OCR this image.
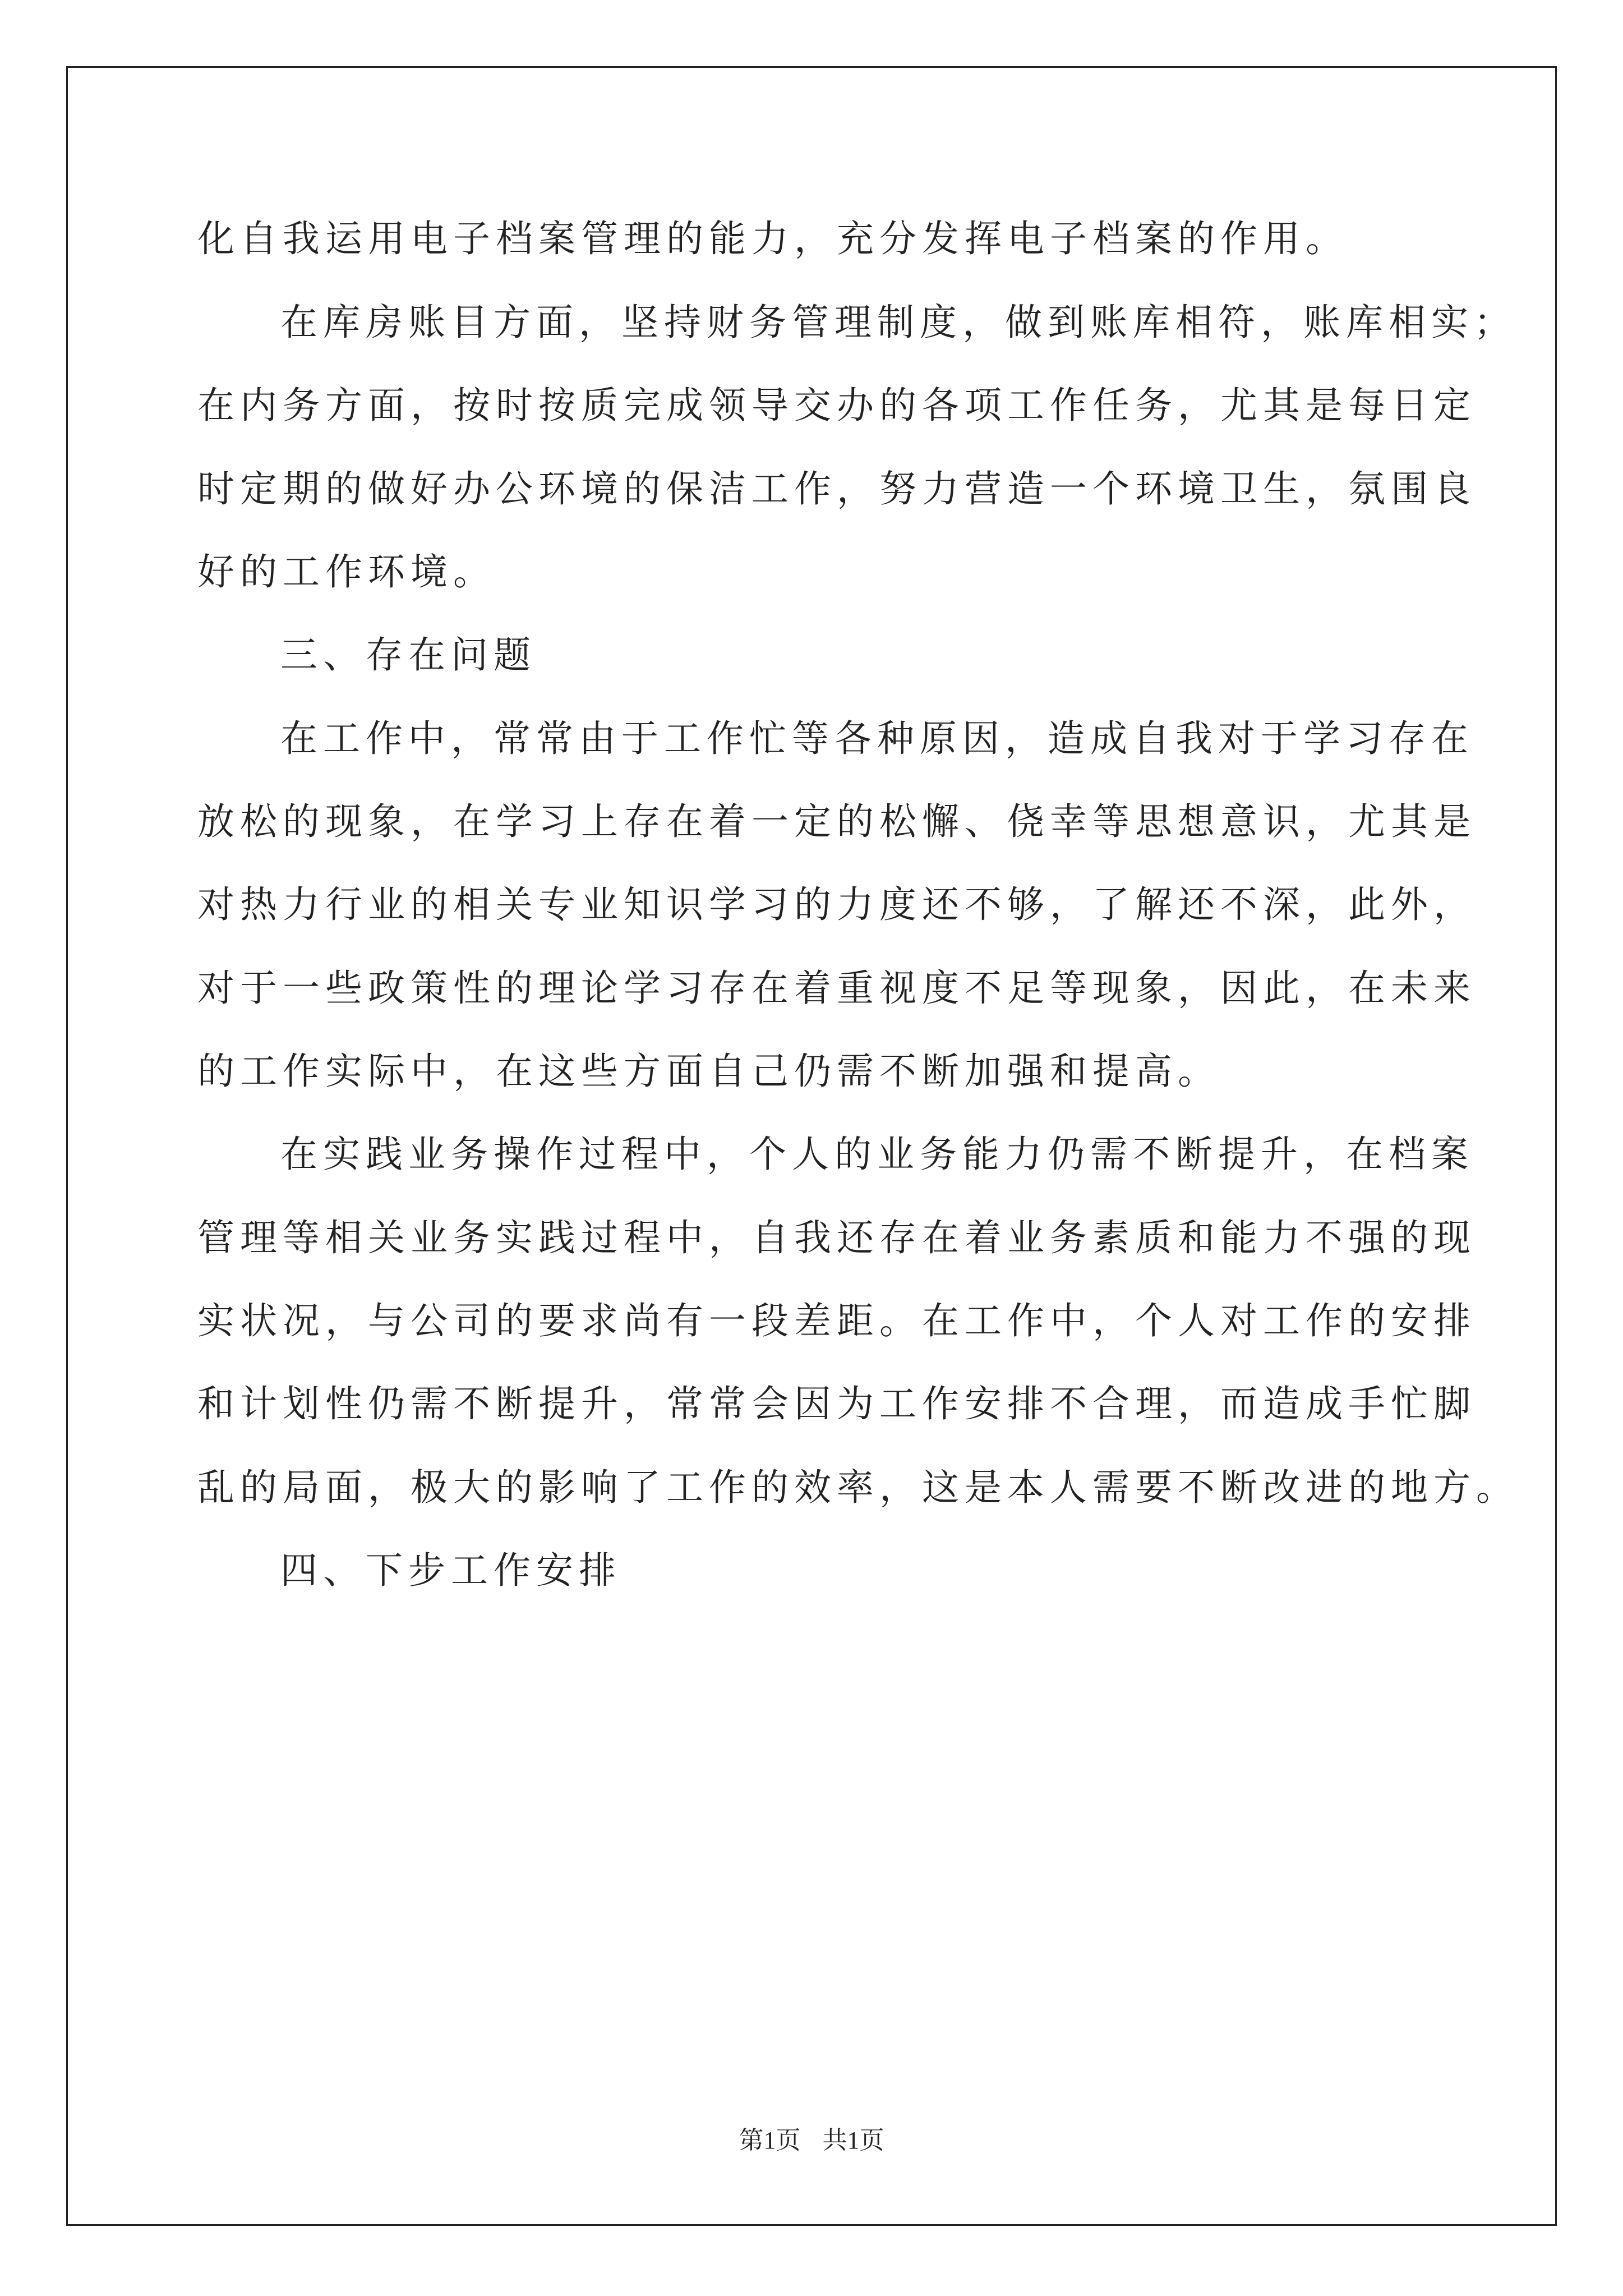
化自我运用电子档案管理的能力，充分发挥电子档案的作用。
在库房账目方面，坚持财务管理制度，做到账库相符，账库相实；
在内务方面，按时按质完成领导交办的各项工作任务，尤其是每日定
时定期的做好办公环境的保洁工作，努力营造一个环境卫生，氛围良
好的工作环境。
三、存在问题
在工作中，常常由于工作忙等各种原因，造成自我对于学习存在
放松的现象，在学习上存在着一定的松懈、侥幸等思想意识，尤其是
对热力行业的相关专业知识学习的力度还不够，了解还不深，此外，
对于一些政策性的理论学习存在着重视度不足等现象，因此，在未来
的工作实际中，在这些方面自己仍需不断加强和提高。
在实践业务操作过程中，个人的业务能力仍需不断提升，在档案
管理等相关业务实践过程中，自我还存在着业务素质和能力不强的现
实状况，与公司的要求尚有一段差距。在工作中，个人对工作的安排
和计划性仍需不断提升，常常会因为工作安排不合理，而造成手忙脚
乱的局面，极大的影响了工作的效率，这是本人需要不断改进的地方。
四、下步工作安排
第1页 共1页
